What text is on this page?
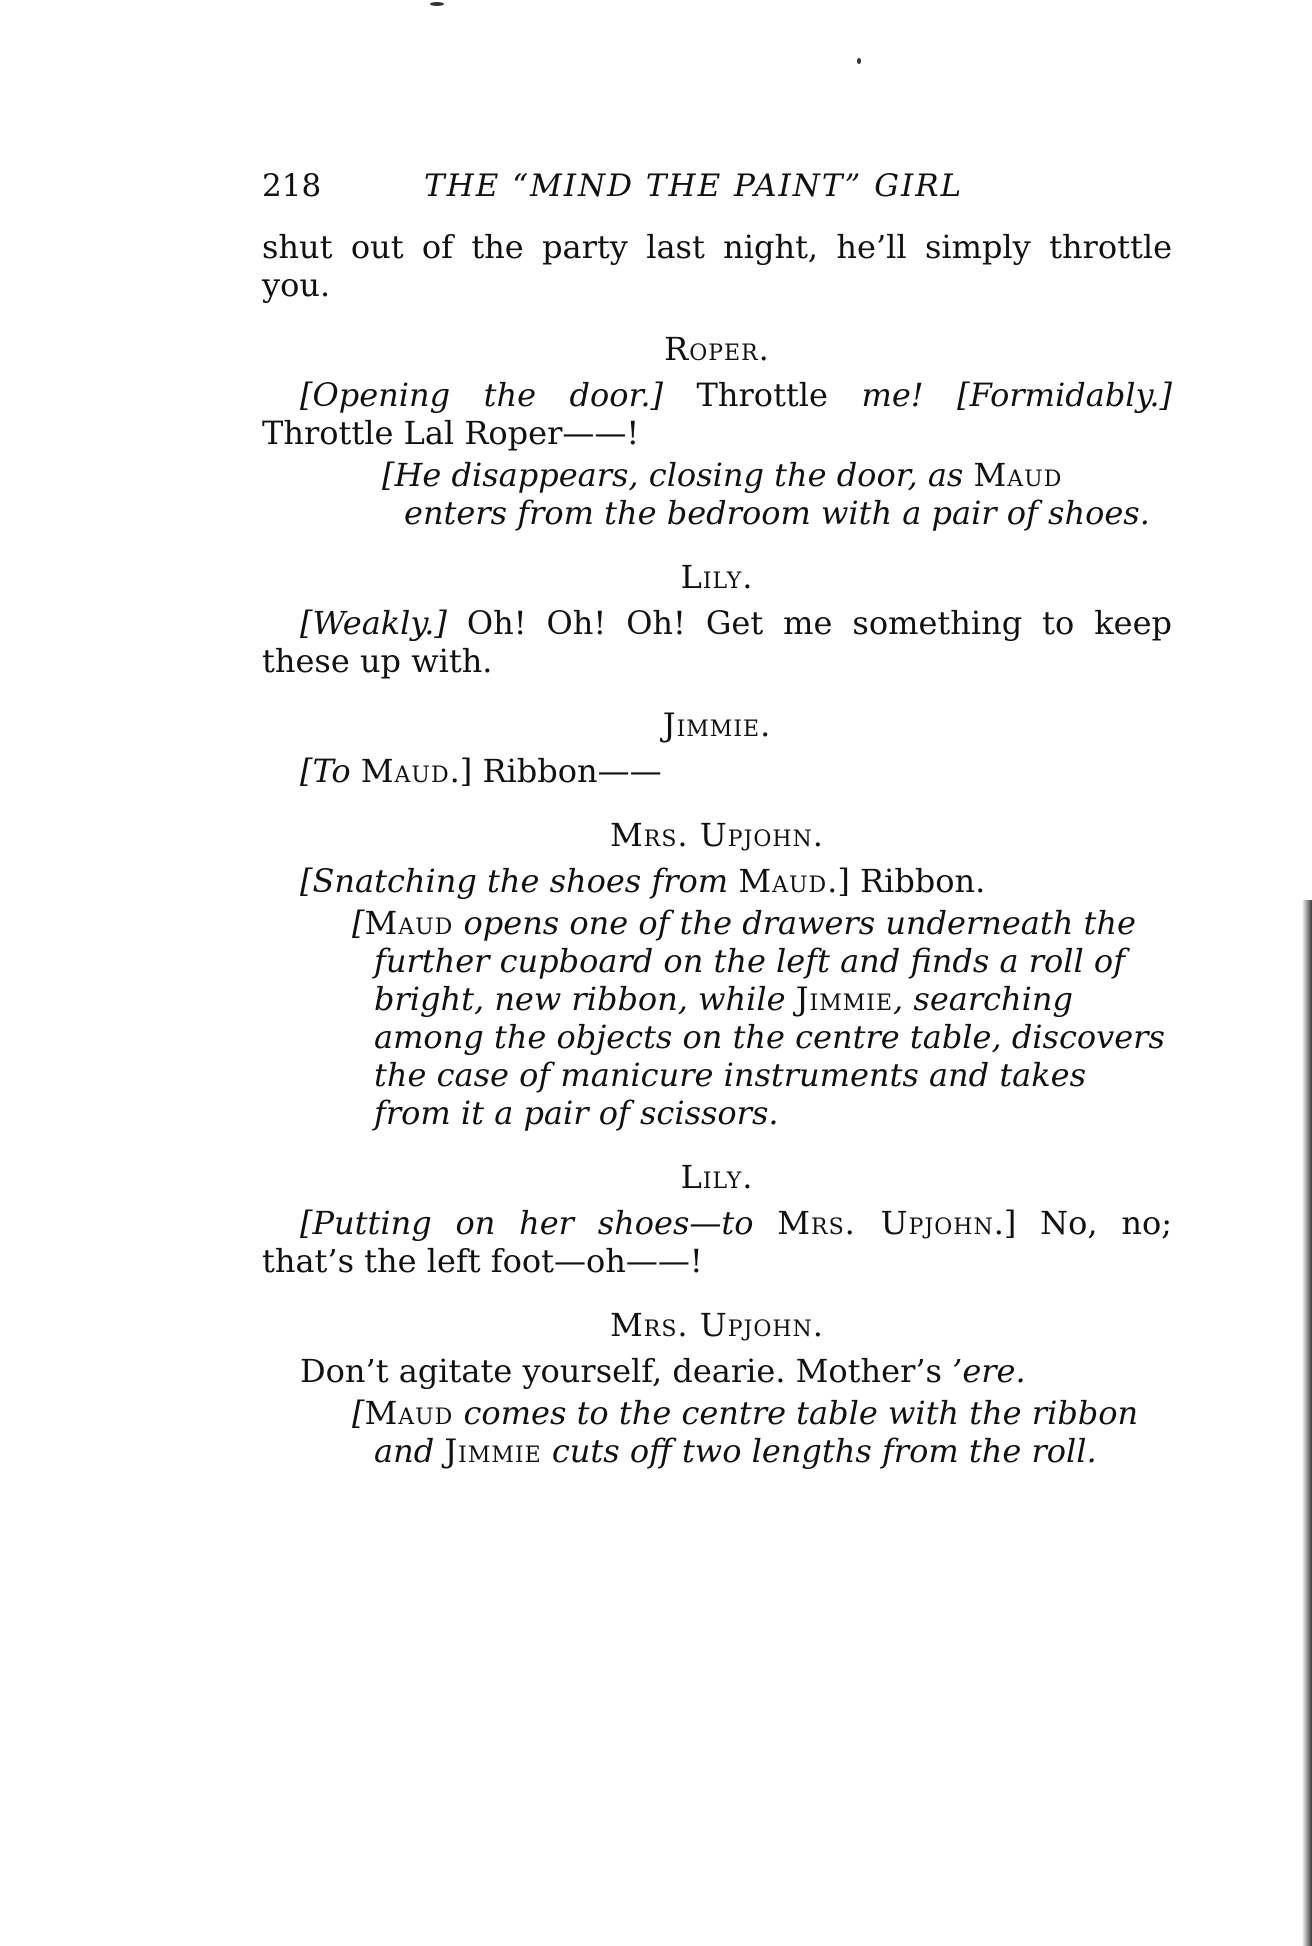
218	THE “MIND THE PAINT” GIRL

shut out of the party last night, he’ll simply throttle you.

Roper.

[Opening the door.] Throttle me! [Formidably.] Throttle Lal Roper——!

[He disappears, closing the door, as Maud enters from the bedroom with a pair of shoes.

Lily.

[Weakly.] Oh! Oh! Oh! Get me something to keep these up with.

Jimmie.

[To Maud.] Ribbon——

Mrs. Upjohn.

[Snatching the shoes from Maud.] Ribbon.

[Maud opens one of the drawers underneath the further cupboard on the left and finds a roll of bright, new ribbon, while Jimmie, searching among the objects on the centre table, discovers the case of manicure instruments and takes from it a pair of scissors.

Lily.

[Putting on her shoes—to Mrs. Upjohn.] No, no; that’s the left foot—oh——!

Mrs. Upjohn.

Don’t agitate yourself, dearie. Mother’s ’ere.

[Maud comes to the centre table with the ribbon and Jimmie cuts off two lengths from the roll.
